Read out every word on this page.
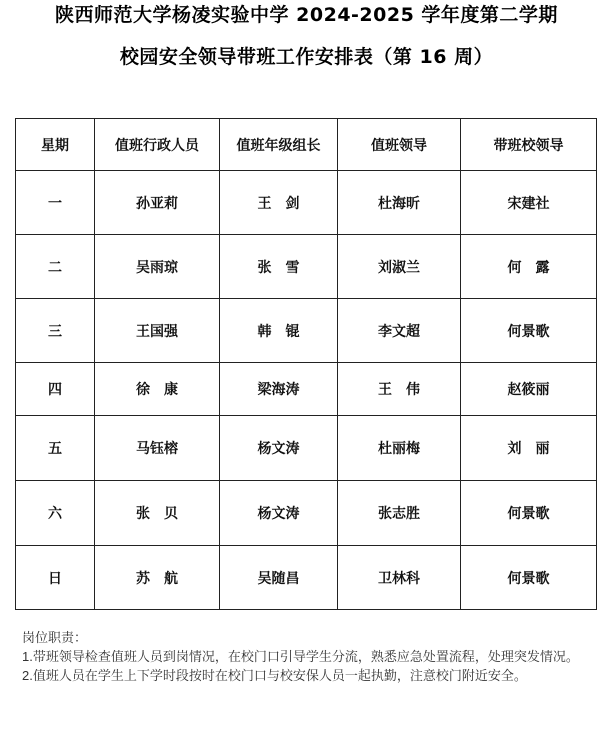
陕西师范大学杨凌实验中学 2024-2025 学年度第二学期
校园安全领导带班工作安排表（第 16 周）
星期	值班行政人员	值班年级组长	值班领导	带班校领导
一	孙亚莉	王　剑	杜海昕	宋建社
二	吴雨琼	张　雪	刘淑兰	何　露
三	王国强	韩　锟	李文超	何景歌
四	徐　康	梁海涛	王　伟	赵筱丽
五	马钰榕	杨文涛	杜丽梅	刘　丽
六	张　贝	杨文涛	张志胜	何景歌
日	苏　航	吴随昌	卫林科	何景歌

岗位职责：

1.带班领导检查值班人员到岗情况，在校门口引导学生分流，熟悉应急处置流程，处理突发情况。

2.值班人员在学生上下学时段按时在校门口与校安保人员一起执勤，注意校门附近安全。
